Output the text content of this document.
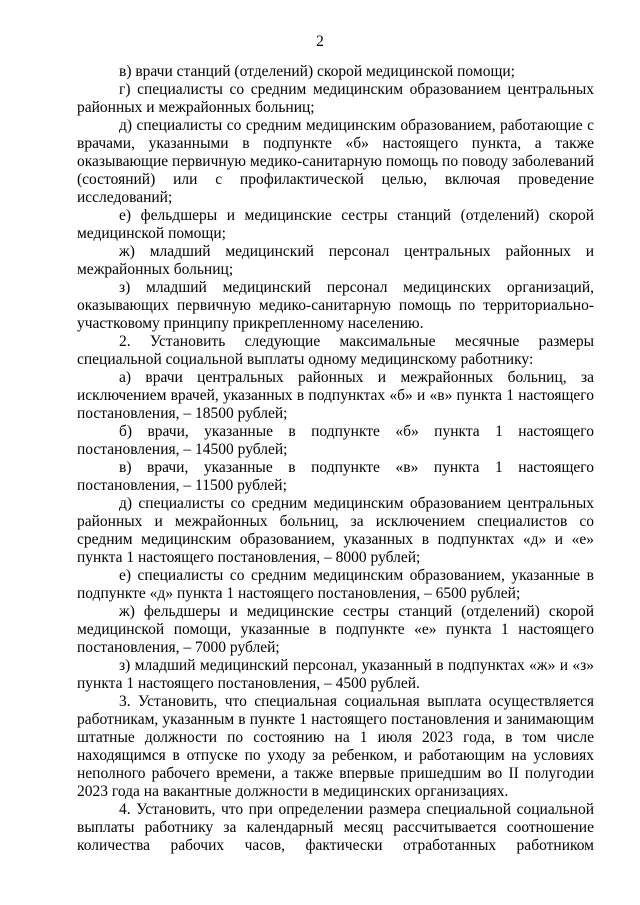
2

в) врачи станций (отделений) скорой медицинской помощи;

г) специалисты со средним медицинским образованием центральных районных и межрайонных больниц;

д) специалисты со средним медицинским образованием, работающие с врачами, указанными в подпункте «б» настоящего пункта, а также оказывающие первичную медико-санитарную помощь по поводу заболеваний (состояний) или с профилактической целью, включая проведение исследований;

е) фельдшеры и медицинские сестры станций (отделений) скорой медицинской помощи;

ж) младший медицинский персонал центральных районных и межрайонных больниц;

з) младший медицинский персонал медицинских организаций, оказывающих первичную медико-санитарную помощь по территориально-участковому принципу прикрепленному населению.

2. Установить следующие максимальные месячные размеры специальной социальной выплаты одному медицинскому работнику:

а) врачи центральных районных и межрайонных больниц, за исключением врачей, указанных в подпунктах «б» и «в» пункта 1 настоящего постановления, – 18500 рублей;

б) врачи, указанные в подпункте «б» пункта 1 настоящего постановления, – 14500 рублей;

в) врачи, указанные в подпункте «в» пункта 1 настоящего постановления, – 11500 рублей;

д) специалисты со средним медицинским образованием центральных районных и межрайонных больниц, за исключением специалистов со средним медицинским образованием, указанных в подпунктах «д» и «е» пункта 1 настоящего постановления, – 8000 рублей;

е) специалисты со средним медицинским образованием, указанные в подпункте «д» пункта 1 настоящего постановления, – 6500 рублей;

ж) фельдшеры и медицинские сестры станций (отделений) скорой медицинской помощи, указанные в подпункте «е» пункта 1 настоящего постановления, – 7000 рублей;

з) младший медицинский персонал, указанный в подпунктах «ж» и «з» пункта 1 настоящего постановления, – 4500 рублей.

3. Установить, что специальная социальная выплата осуществляется работникам, указанным в пункте 1 настоящего постановления и занимающим штатные должности по состоянию на 1 июля 2023 года, в том числе находящимся в отпуске по уходу за ребенком, и работающим на условиях неполного рабочего времени, а также впервые пришедшим во II полугодии 2023 года на вакантные должности в медицинских организациях.

4. Установить, что при определении размера специальной социальной выплаты работнику за календарный месяц рассчитывается соотношение количества рабочих часов, фактически отработанных работником
